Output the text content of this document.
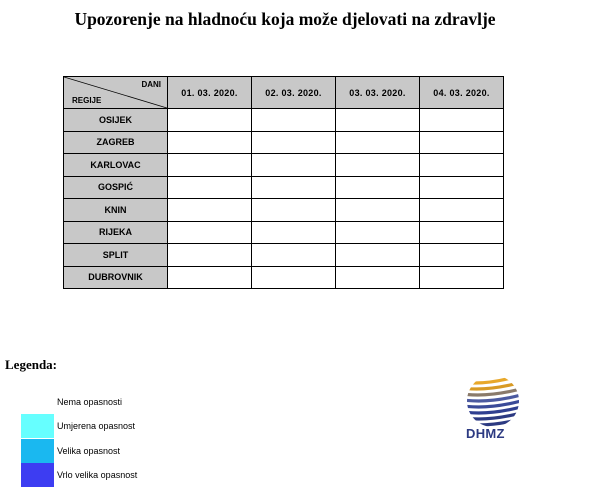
Upozorenje na hladnoću koja može djelovati na zdravlje
DANI
REGIJE	01. 03. 2020.	02. 03. 2020.	03. 03. 2020.	04. 03. 2020.
OSIJEK				
ZAGREB				
KARLOVAC				
GOSPIĆ				
KNIN				
RIJEKA				
SPLIT				
DUBROVNIK				
Legenda:
Nema opasnosti
Umjerena opasnost
Velika opasnost
Vrlo velika opasnost
DHMZ
